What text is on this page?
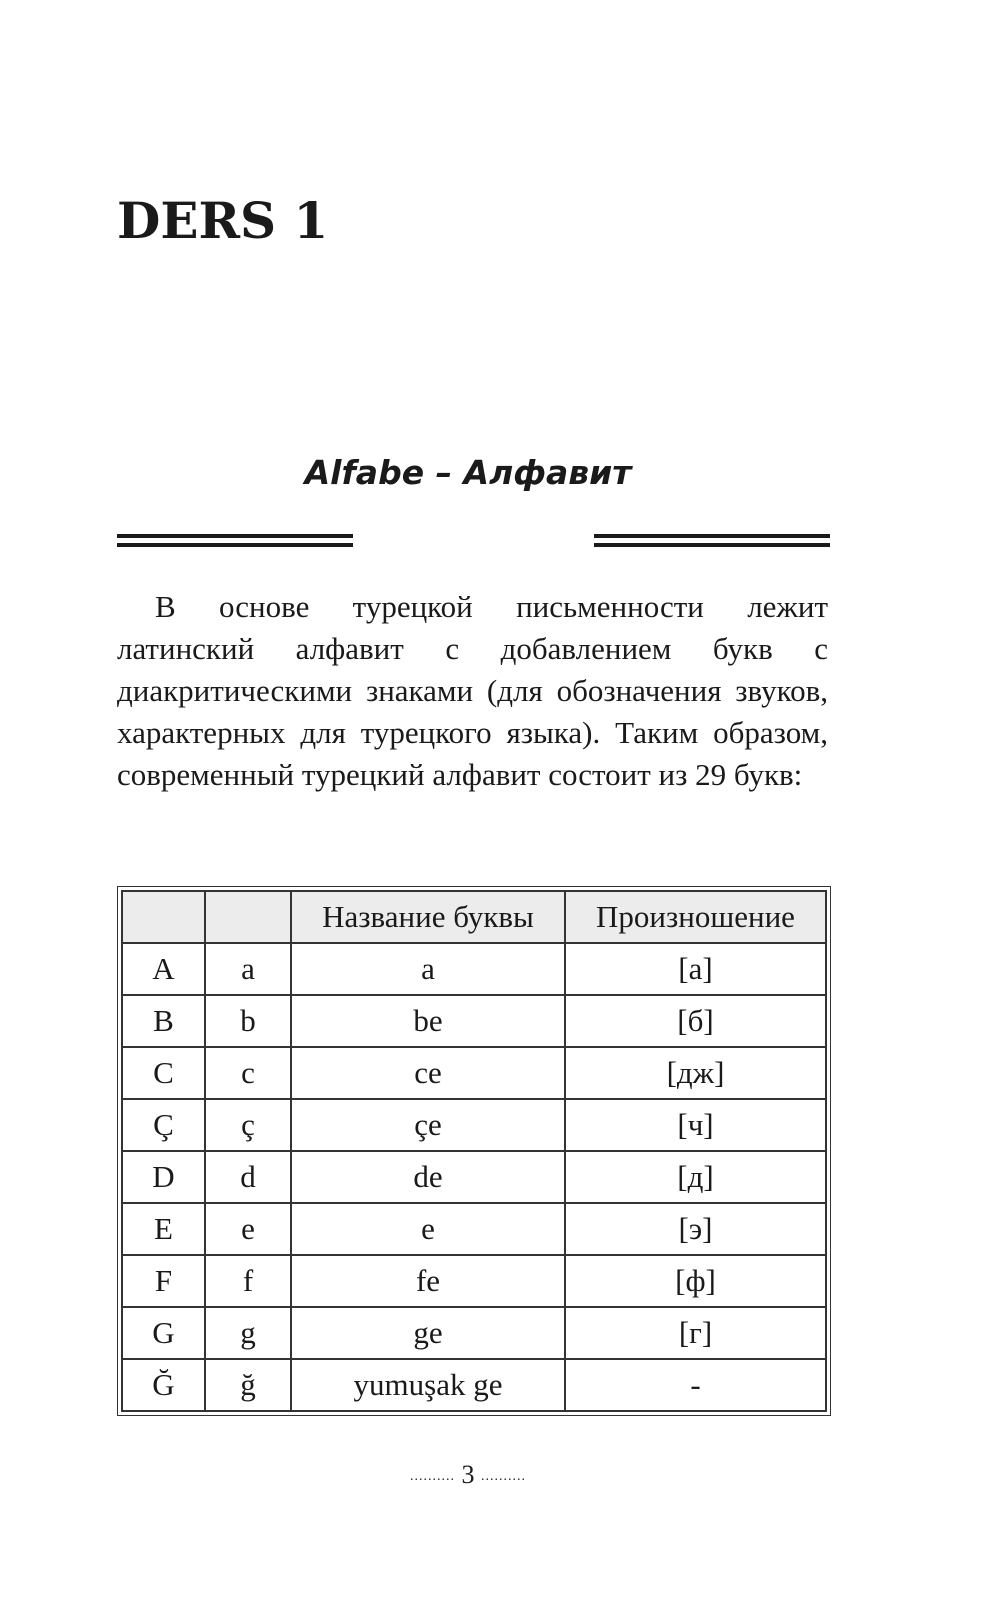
DERS 1
Alfabe – Алфавит

В основе турецкой письменности лежит латинский алфавит с добавлением букв с диакритическими знаками (для обозначения звуков, характерных для турецкого языка). Таким образом, современный турецкий алфавит состоит из 29 букв:

		Название буквы	Произношение
A	a	a	[а]
B	b	be	[б]
C	c	ce	[дж]
Ç	ç	çe	[ч]
D	d	de	[д]
E	e	e	[э]
F	f	fe	[ф]
G	g	ge	[г]
Ğ	ğ	yumuşak ge	-
.......... 3 ..........
